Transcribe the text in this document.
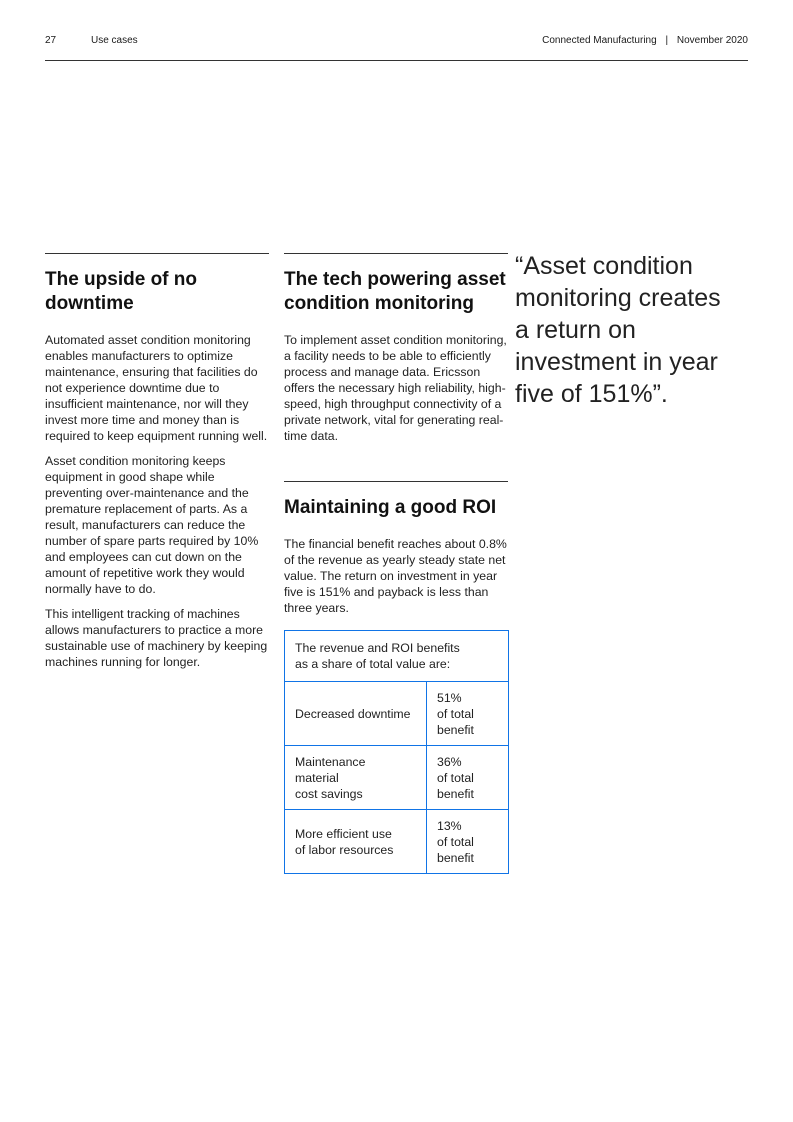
27	Use cases	Connected Manufacturing | November 2020
The upside of no downtime

Automated asset condition monitoring enables manufacturers to optimize maintenance, ensuring that facilities do not experience downtime due to insufficient maintenance, nor will they invest more time and money than is required to keep equipment running well.

Asset condition monitoring keeps equipment in good shape while preventing over-maintenance and the premature replacement of parts. As a result, manufacturers can reduce the number of spare parts required by 10% and employees can cut down on the amount of repetitive work they would normally have to do.

This intelligent tracking of machines allows manufacturers to practice a more sustainable use of machinery by keeping machines running for longer.

The tech powering asset condition monitoring

To implement asset condition monitoring, a facility needs to be able to efficiently process and manage data. Ericsson offers the necessary high reliability, high-speed, high throughput connectivity of a private network, vital for generating real-time data.

Maintaining a good ROI

The financial benefit reaches about 0.8% of the revenue as yearly steady state net value. The return on investment in year five is 151% and payback is less than three years.

The revenue and ROI benefits
as a share of total value are:	
Decreased downtime	51%
of total
benefit
Maintenance
material
cost savings	36%
of total
benefit
More efficient use
of labor resources	13%
of total
benefit
“Asset condition
monitoring creates
a return on
investment in year
five of 151%”.
